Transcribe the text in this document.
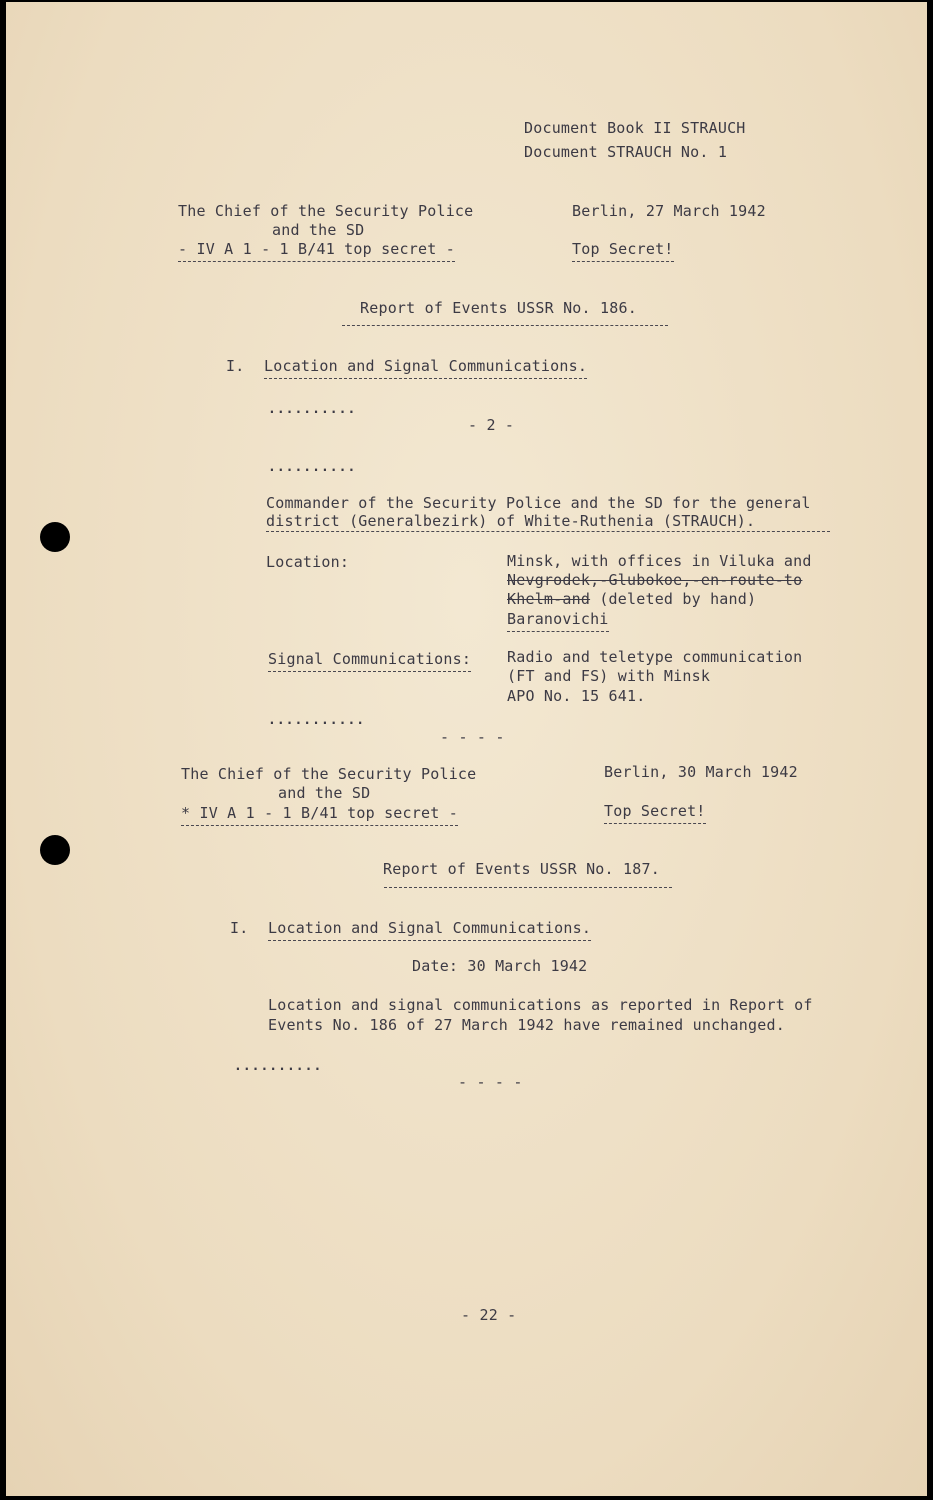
Document Book II STRAUCH
Document STRAUCH No. 1
The Chief of the Security Police
and the SD
- IV A 1 - 1 B/41 top secret -
Berlin, 27 March 1942
Top Secret!
Report of Events USSR No. 186.
I. Location and Signal Communications.
..........
- 2 -
..........
Commander of the Security Police and the SD for the general
district (Generalbezirk) of White-Ruthenia (STRAUCH).
Location:	Minsk, with offices in Viluka and
Nevgrodek,-Glubokoe,-en-route-to
Khelm-and (deleted by hand)
Baranovichi
Signal Communications: Radio and teletype communication
(FT and FS) with Minsk
APO No. 15 641.
...........
- - - -
The Chief of the Security Police
and the SD
* IV A 1 - 1 B/41 top secret -
Berlin, 30 March 1942
Top Secret!
Report of Events USSR No. 187.
I. Location and Signal Communications.
Date: 30 March 1942
Location and signal communications as reported in Report of
Events No. 186 of 27 March 1942 have remained unchanged.
..........
- - - -
- 22 -
